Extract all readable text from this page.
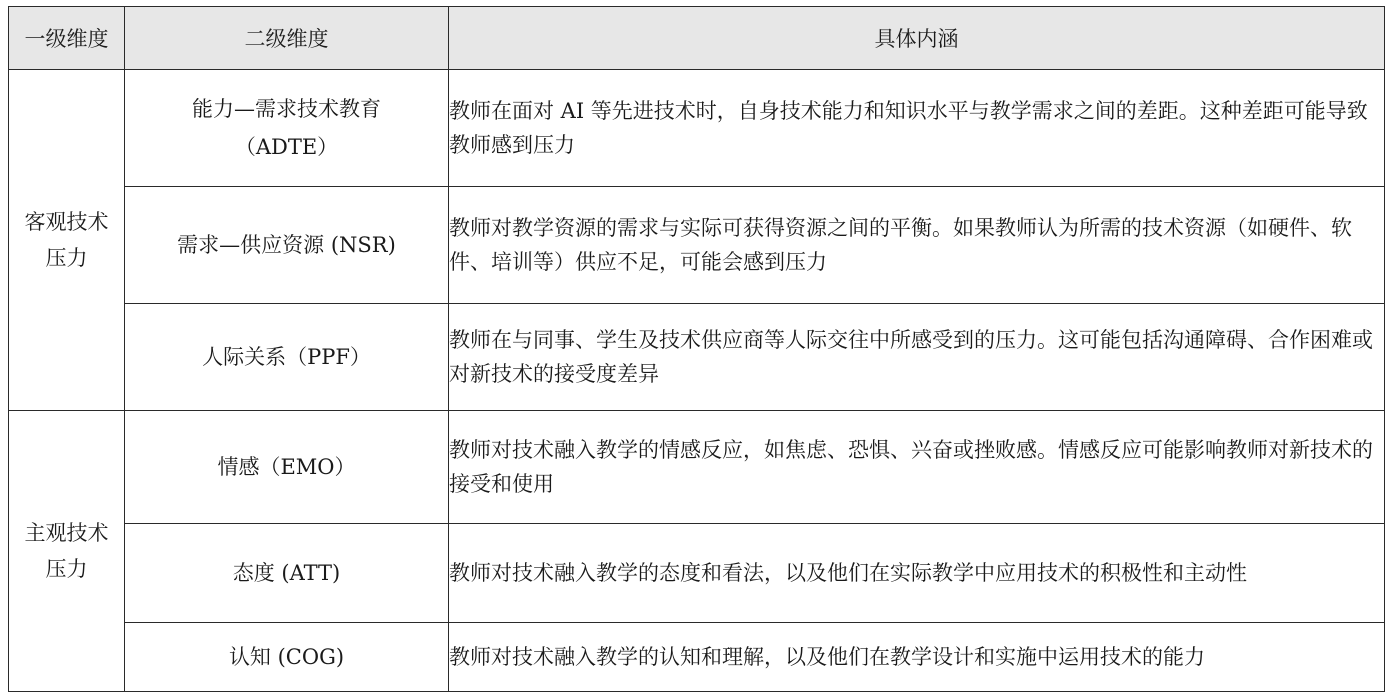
一级维度	二级维度	具体内涵
客观技术压力	能力—需求技术教育（ADTE）	教师在面对 AI 等先进技术时，自身技术能力和知识水平与教学需求之间的差距。这种差距可能导致教师感到压力
	需求—供应资源 (NSR)	教师对教学资源的需求与实际可获得资源之间的平衡。如果教师认为所需的技术资源（如硬件、软件、培训等）供应不足，可能会感到压力
	人际关系（PPF）	教师在与同事、学生及技术供应商等人际交往中所感受到的压力。这可能包括沟通障碍、合作困难或对新技术的接受度差异
主观技术压力	情感（EMO）	教师对技术融入教学的情感反应，如焦虑、恐惧、兴奋或挫败感。情感反应可能影响教师对新技术的接受和使用
	态度 (ATT)	教师对技术融入教学的态度和看法，以及他们在实际教学中应用技术的积极性和主动性
	认知 (COG)	教师对技术融入教学的认知和理解，以及他们在教学设计和实施中运用技术的能力
